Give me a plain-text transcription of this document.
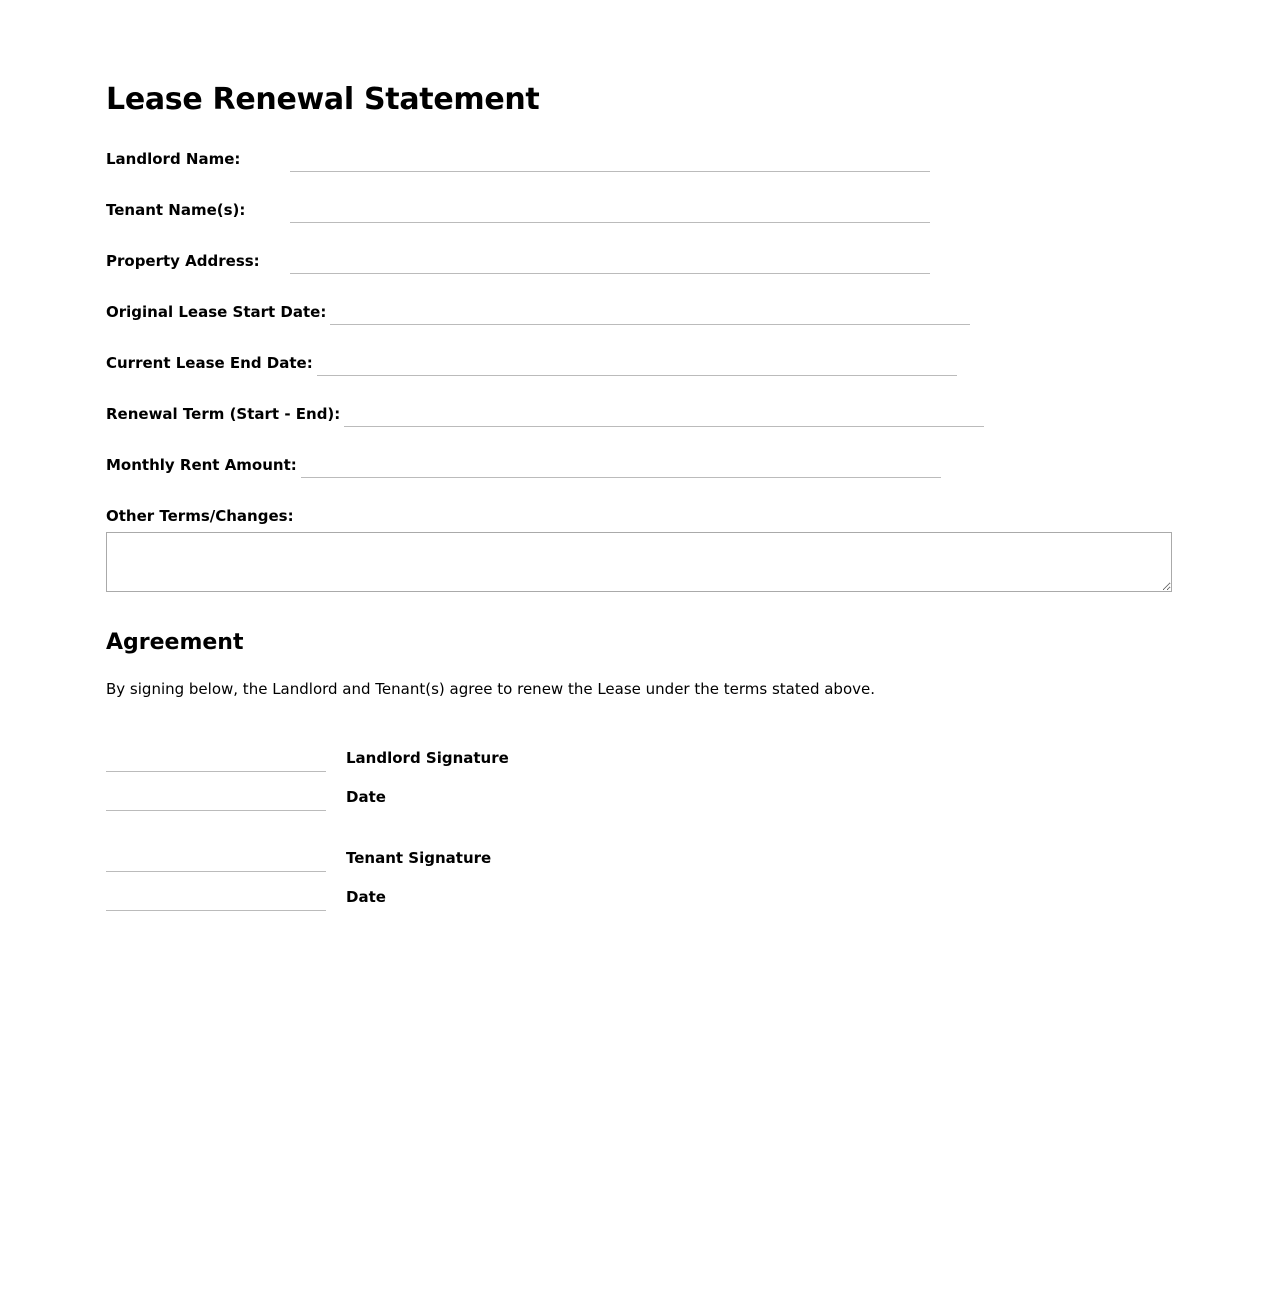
Lease Renewal Statement
Landlord Name:
Tenant Name(s):
Property Address:
Original Lease Start Date:
Current Lease End Date:
Renewal Term (Start - End):
Monthly Rent Amount:
Other Terms/Changes:
Agreement

By signing below, the Landlord and Tenant(s) agree to renew the Lease under the terms stated above.

Landlord Signature
Date
Tenant Signature
Date
